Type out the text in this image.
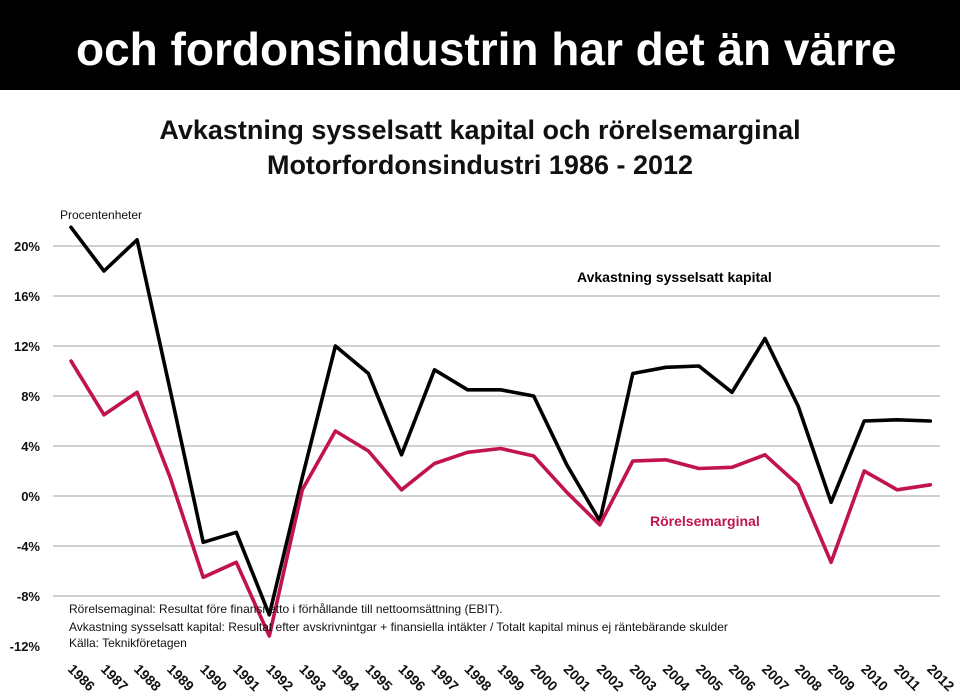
och fordonsindustrin har det än värre
Avkastning sysselsatt kapital och rörelsemarginal
Motorfordonsindustri 1986 - 2012
-12%
-8%
-4%
0%
4%
8%
12%
16%
20%
1986 1987 1988 1989 1990 1991 1992 1993 1994 1995 1996 1997 1998 1999 2000 2001 2002 2003 2004 2005 2006 2007 2008 2009 2010 2011 2012
Procentenheter
Avkastning sysselsatt kapital
Rörelsemarginal
Rörelsemaginal: Resultat före finansnetto i förhållande till nettoomsättning (EBIT).
Avkastning sysselsatt kapital: Resultat efter avskrivnintgar + finansiella intäkter / Totalt kapital minus ej räntebärande skulder
Källa: Teknikföretagen
